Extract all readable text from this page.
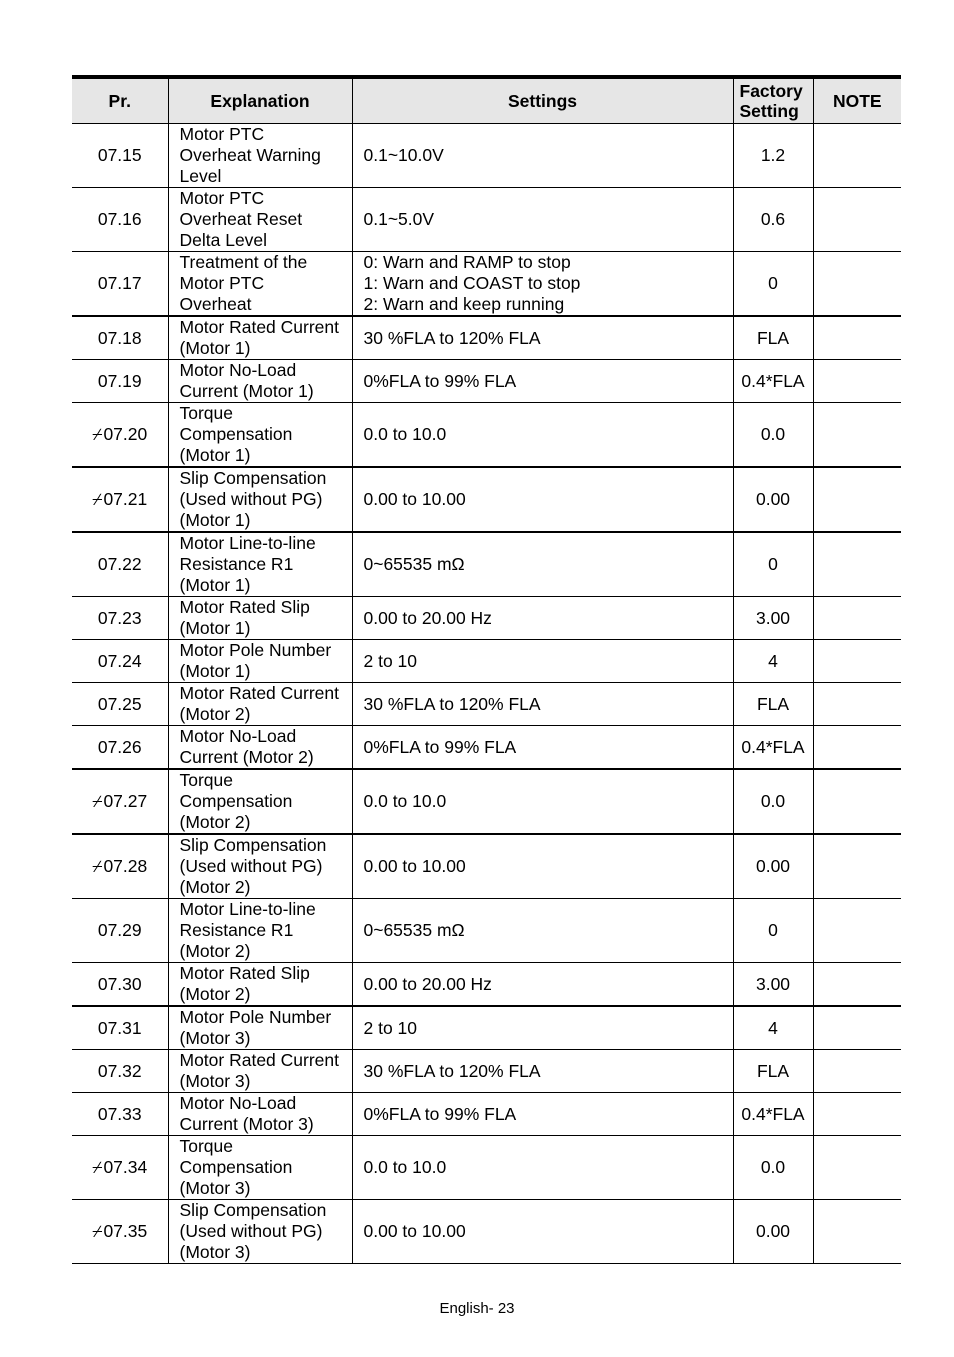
Pr.	Explanation	Settings	Factory
Setting	NOTE
07.15	Motor PTC
Overheat Warning
Level	0.1~10.0V	1.2	
07.16	Motor PTC
Overheat Reset
Delta Level	0.1~5.0V	0.6	
07.17	Treatment of the
Motor PTC
Overheat	0: Warn and RAMP to stop
1: Warn and COAST to stop
2: Warn and keep running	0	
07.18	Motor Rated Current
(Motor 1)	30 %FLA to 120% FLA	FLA	
07.19	Motor No-Load
Current (Motor 1)	0%FLA to 99% FLA	0.4*FLA	
⌿07.20	Torque
Compensation
(Motor 1)	0.0 to 10.0	0.0	
⌿07.21	Slip Compensation
(Used without PG)
(Motor 1)	0.00 to 10.00	0.00	
07.22	Motor Line-to-line
Resistance R1
(Motor 1)	0~65535 mΩ	0	
07.23	Motor Rated Slip
(Motor 1)	0.00 to 20.00 Hz	3.00	
07.24	Motor Pole Number
(Motor 1)	2 to 10	4	
07.25	Motor Rated Current
(Motor 2)	30 %FLA to 120% FLA	FLA	
07.26	Motor No-Load
Current (Motor 2)	0%FLA to 99% FLA	0.4*FLA	
⌿07.27	Torque
Compensation
(Motor 2)	0.0 to 10.0	0.0	
⌿07.28	Slip Compensation
(Used without PG)
(Motor 2)	0.00 to 10.00	0.00	
07.29	Motor Line-to-line
Resistance R1
(Motor 2)	0~65535 mΩ	0	
07.30	Motor Rated Slip
(Motor 2)	0.00 to 20.00 Hz	3.00	
07.31	Motor Pole Number
(Motor 3)	2 to 10	4	
07.32	Motor Rated Current
(Motor 3)	30 %FLA to 120% FLA	FLA	
07.33	Motor No-Load
Current (Motor 3)	0%FLA to 99% FLA	0.4*FLA	
⌿07.34	Torque
Compensation
(Motor 3)	0.0 to 10.0	0.0	
⌿07.35	Slip Compensation
(Used without PG)
(Motor 3)	0.00 to 10.00	0.00	
English- 23
